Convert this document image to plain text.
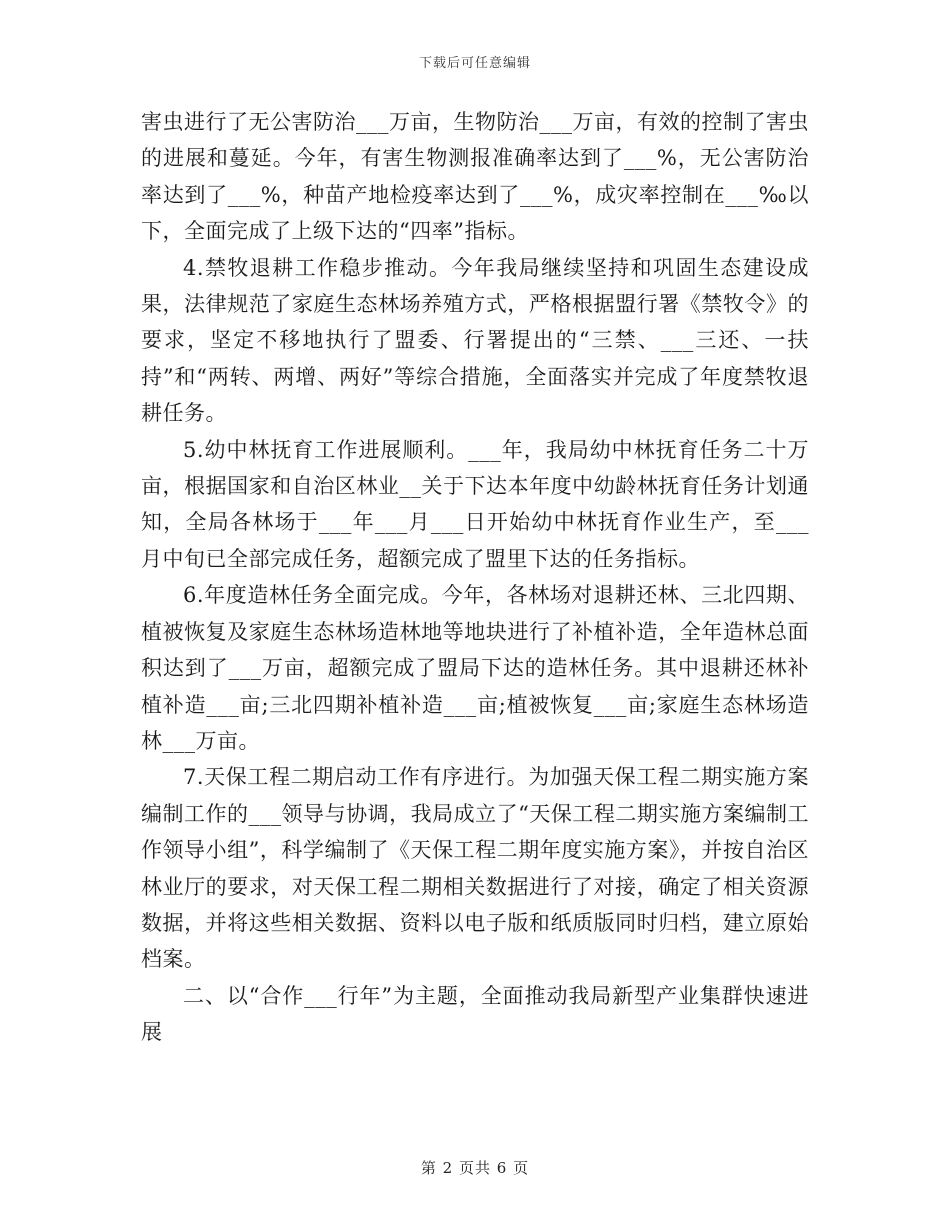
下载后可任意编辑

害虫进行了无公害防治___万亩，生物防治___万亩，有效的控制了害虫的进展和蔓延。今年，有害生物测报准确率达到了___%，无公害防治率达到了___%，种苗产地检疫率达到了___%，成灾率控制在___‰以下，全面完成了上级下达的“四率”指标。

4.禁牧退耕工作稳步推动。今年我局继续坚持和巩固生态建设成果，法律规范了家庭生态林场养殖方式，严格根据盟行署《禁牧令》的要求，坚定不移地执行了盟委、行署提出的“三禁、___三还、一扶持”和“两转、两增、两好”等综合措施，全面落实并完成了年度禁牧退耕任务。

5.幼中林抚育工作进展顺利。___年，我局幼中林抚育任务二十万亩，根据国家和自治区林业__关于下达本年度中幼龄林抚育任务计划通知，全局各林场于___年___月___日开始幼中林抚育作业生产，至___月中旬已全部完成任务，超额完成了盟里下达的任务指标。

6.年度造林任务全面完成。今年，各林场对退耕还林、三北四期、植被恢复及家庭生态林场造林地等地块进行了补植补造，全年造林总面积达到了___万亩，超额完成了盟局下达的造林任务。其中退耕还林补植补造___亩;三北四期补植补造___亩;植被恢复___亩;家庭生态林场造林___万亩。

7.天保工程二期启动工作有序进行。为加强天保工程二期实施方案编制工作的___领导与协调，我局成立了“天保工程二期实施方案编制工作领导小组”，科学编制了《天保工程二期年度实施方案》，并按自治区林业厅的要求，对天保工程二期相关数据进行了对接，确定了相关资源数据，并将这些相关数据、资料以电子版和纸质版同时归档，建立原始档案。

二、以“合作___行年”为主题，全面推动我局新型产业集群快速进展

第 2 页共 6 页
